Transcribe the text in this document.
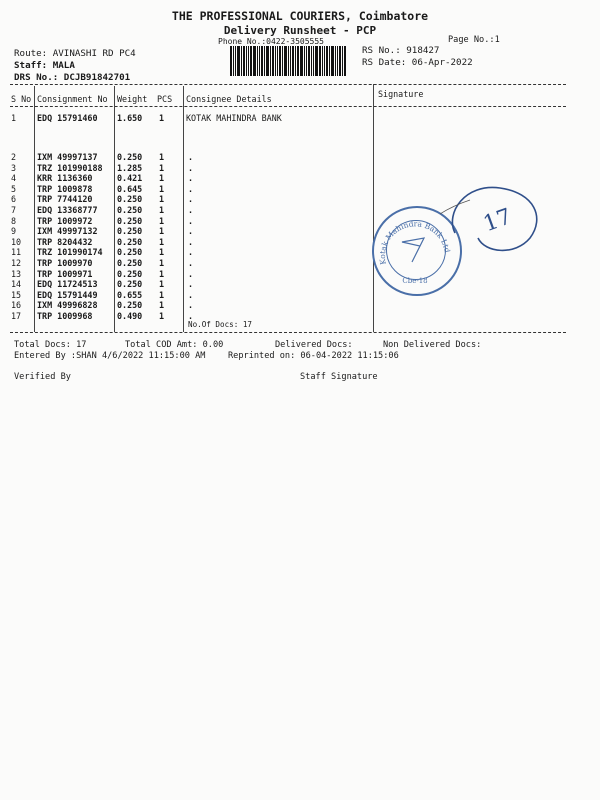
THE PROFESSIONAL COURIERS, Coimbatore
Delivery Runsheet - PCP
Phone No.:0422-3505555	Page No.:1
Route: AVINASHI RD PC4
Staff: MALA
DRS No.: DCJB91842701
RS No.: 918427
RS Date: 06-Apr-2022
S No Consignment No Weight PCS Consignee Details	Signature
1 EDQ 15791460 1.650 1	KOTAK MAHINDRA BANK
2 IXM 49997137 0.250 1	.
3 TRZ 101990188 1.285 1	.
4 KRR 1136360	0.421 1	.
5 TRP 1009878	0.645 1	.
6 TRP 7744120	0.250 1	.
7 EDQ 13368777 0.250 1	.
8 TRP 1009972	0.250 1	.
9 IXM 49997132 0.250 1	.
10 TRP 8204432	0.250 1	.
11 TRZ 101990174 0.250 1	.
12 TRP 1009970	0.250 1	.
13 TRP 1009971	0.250 1	.
14 EDQ 11724513 0.250 1	.
15 EDQ 15791449 0.655 1	.
16 IXM 49996828 0.250 1	.
17 TRP 1009968	0.490 1	.
No.Of Docs: 17
Total Docs: 17	Total COD Amt: 0.00	Delivered Docs:	Non Delivered Docs:
Entered By :SHAN 4/6/2022 11:15:00 AM	Reprinted on: 06-04-2022 11:15:06
Verified By	Staff Signature
Kotak Mahindra Bank Ltd
Cbe-18
17
